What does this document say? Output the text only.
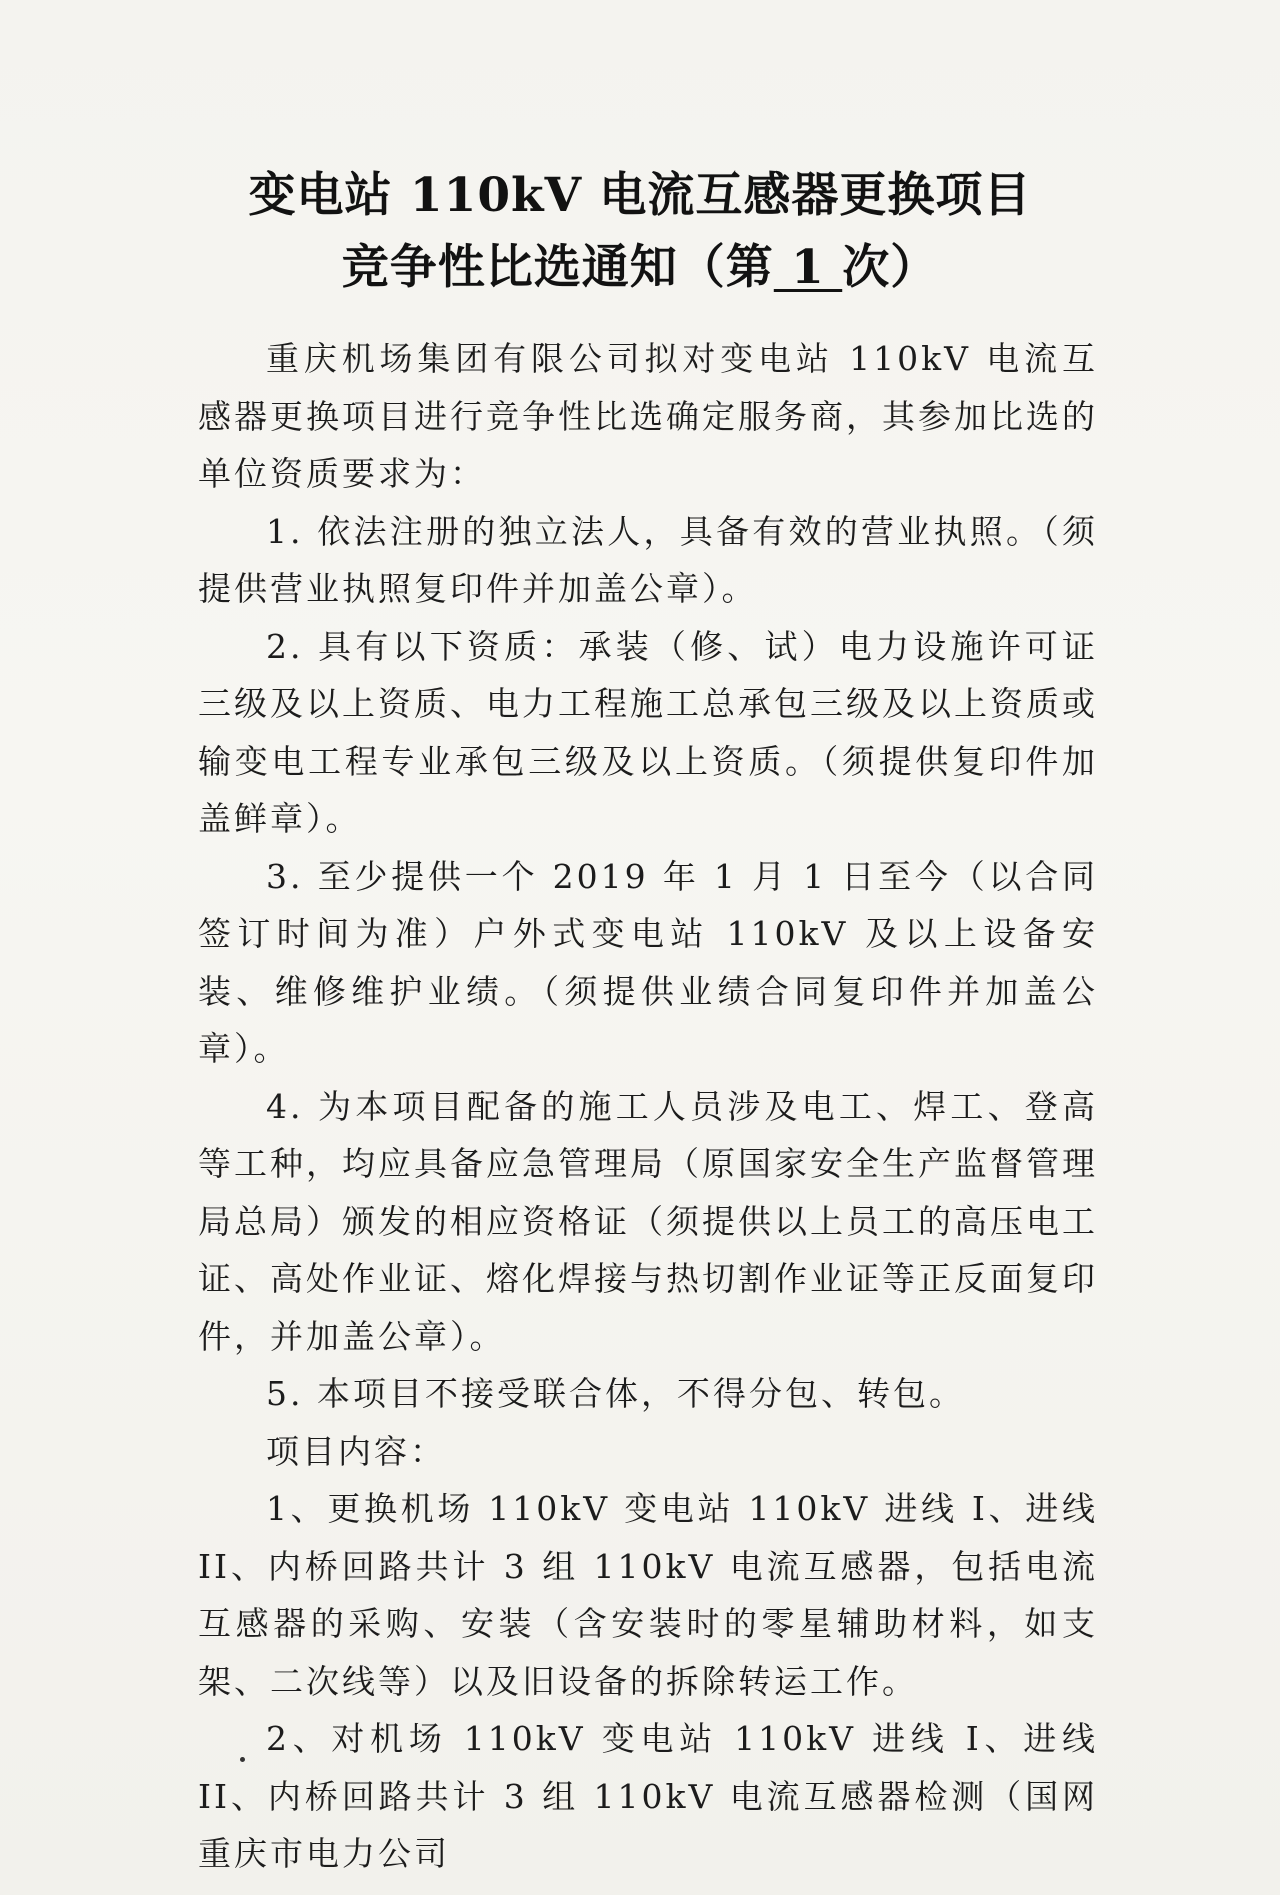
变电站 110kV 电流互感器更换项目
竞争性比选通知（第 1 次）

重庆机场集团有限公司拟对变电站 110kV 电流互感器更换项目进行竞争性比选确定服务商，其参加比选的单位资质要求为：

1. 依法注册的独立法人，具备有效的营业执照。（须提供营业执照复印件并加盖公章）。

2. 具有以下资质：承装（修、试）电力设施许可证三级及以上资质、电力工程施工总承包三级及以上资质或输变电工程专业承包三级及以上资质。（须提供复印件加盖鲜章）。

3. 至少提供一个 2019 年 1 月 1 日至今（以合同签订时间为准）户外式变电站 110kV 及以上设备安装、维修维护业绩。（须提供业绩合同复印件并加盖公章）。

4. 为本项目配备的施工人员涉及电工、焊工、登高等工种，均应具备应急管理局（原国家安全生产监督管理局总局）颁发的相应资格证（须提供以上员工的高压电工证、高处作业证、熔化焊接与热切割作业证等正反面复印件，并加盖公章）。

5. 本项目不接受联合体，不得分包、转包。

项目内容：

1、更换机场 110kV 变电站 110kV 进线 I、进线 II、内桥回路共计 3 组 110kV 电流互感器，包括电流互感器的采购、安装（含安装时的零星辅助材料，如支架、二次线等）以及旧设备的拆除转运工作。

2、对机场 110kV 变电站 110kV 进线 I、进线 II、内桥回路共计 3 组 110kV 电流互感器检测（国网重庆市电力公司
